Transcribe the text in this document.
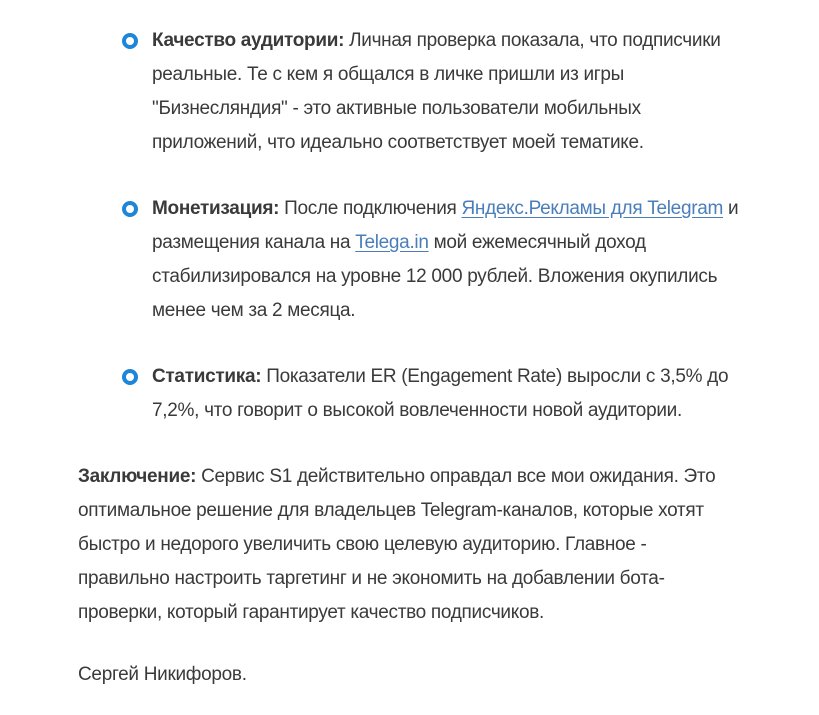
Качество аудитории: Личная проверка показала, что подписчики
реальные. Те с кем я общался в личке пришли из игры
"Бизнесляндия" - это активные пользователи мобильных
приложений, что идеально соответствует моей тематике.
Монетизация: После подключения Яндекс.Рекламы для Telegram и
размещения канала на Telega.in мой ежемесячный доход
стабилизировался на уровне 12 000 рублей. Вложения окупились
менее чем за 2 месяца.
Статистика: Показатели ER (Engagement Rate) выросли с 3,5% до
7,2%, что говорит о высокой вовлеченности новой аудитории.
Заключение: Сервис S1 действительно оправдал все мои ожидания. Это
оптимальное решение для владельцев Telegram-каналов, которые хотят
быстро и недорого увеличить свою целевую аудиторию. Главное -
правильно настроить таргетинг и не экономить на добавлении бота-
проверки, который гарантирует качество подписчиков.
Сергей Никифоров.
